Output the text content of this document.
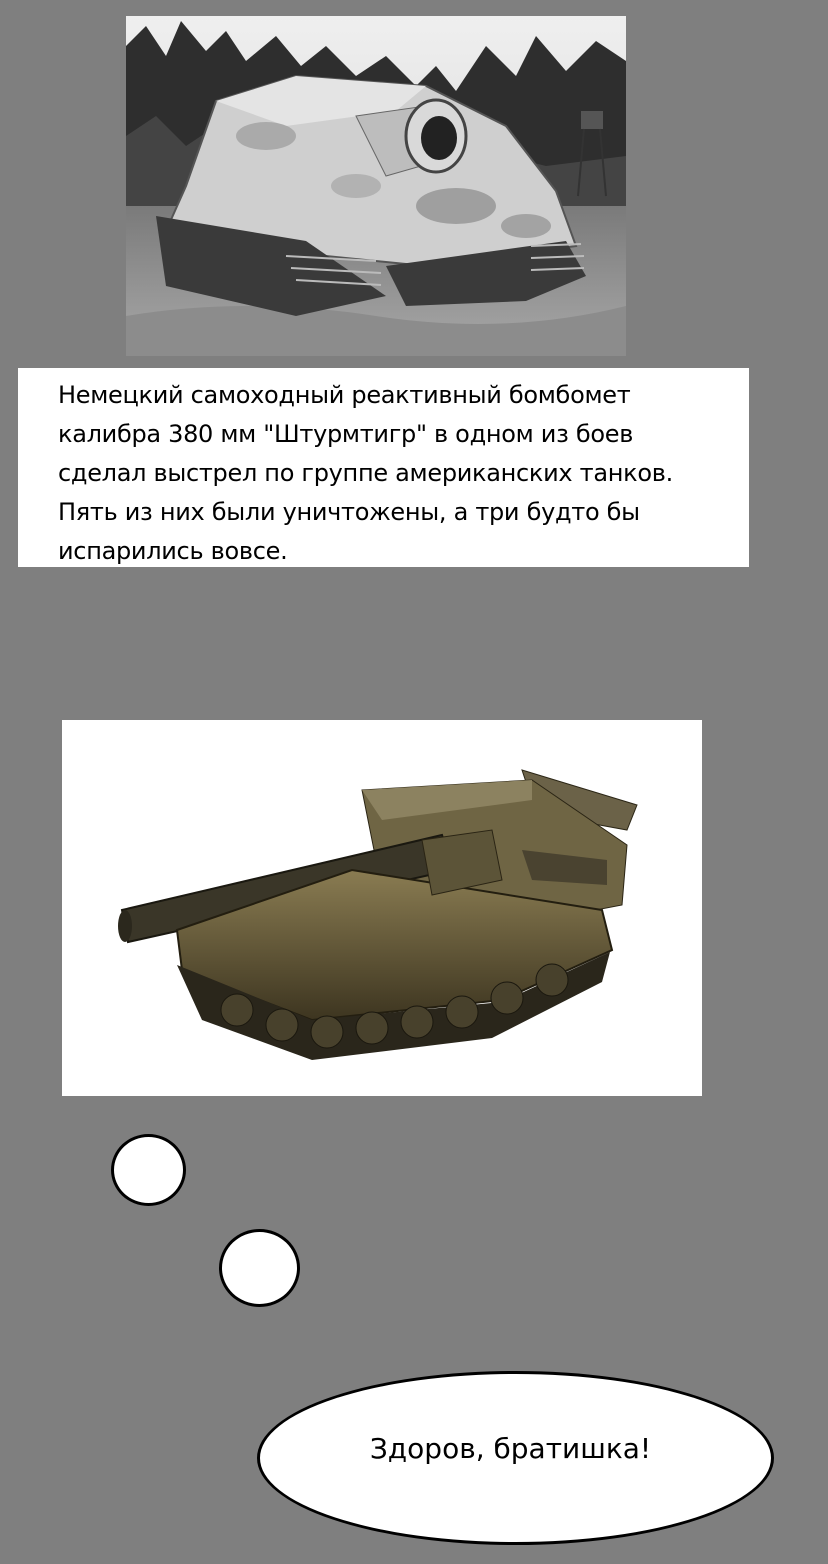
Немецкий самоходный реактивный бомбомет

калибра 380 мм "Штурмтигр" в одном из боев

сделал выстрел по группе американских танков.

Пять из них были уничтожены, а три будто бы

испарились вовсе.

Здоров, братишка!
